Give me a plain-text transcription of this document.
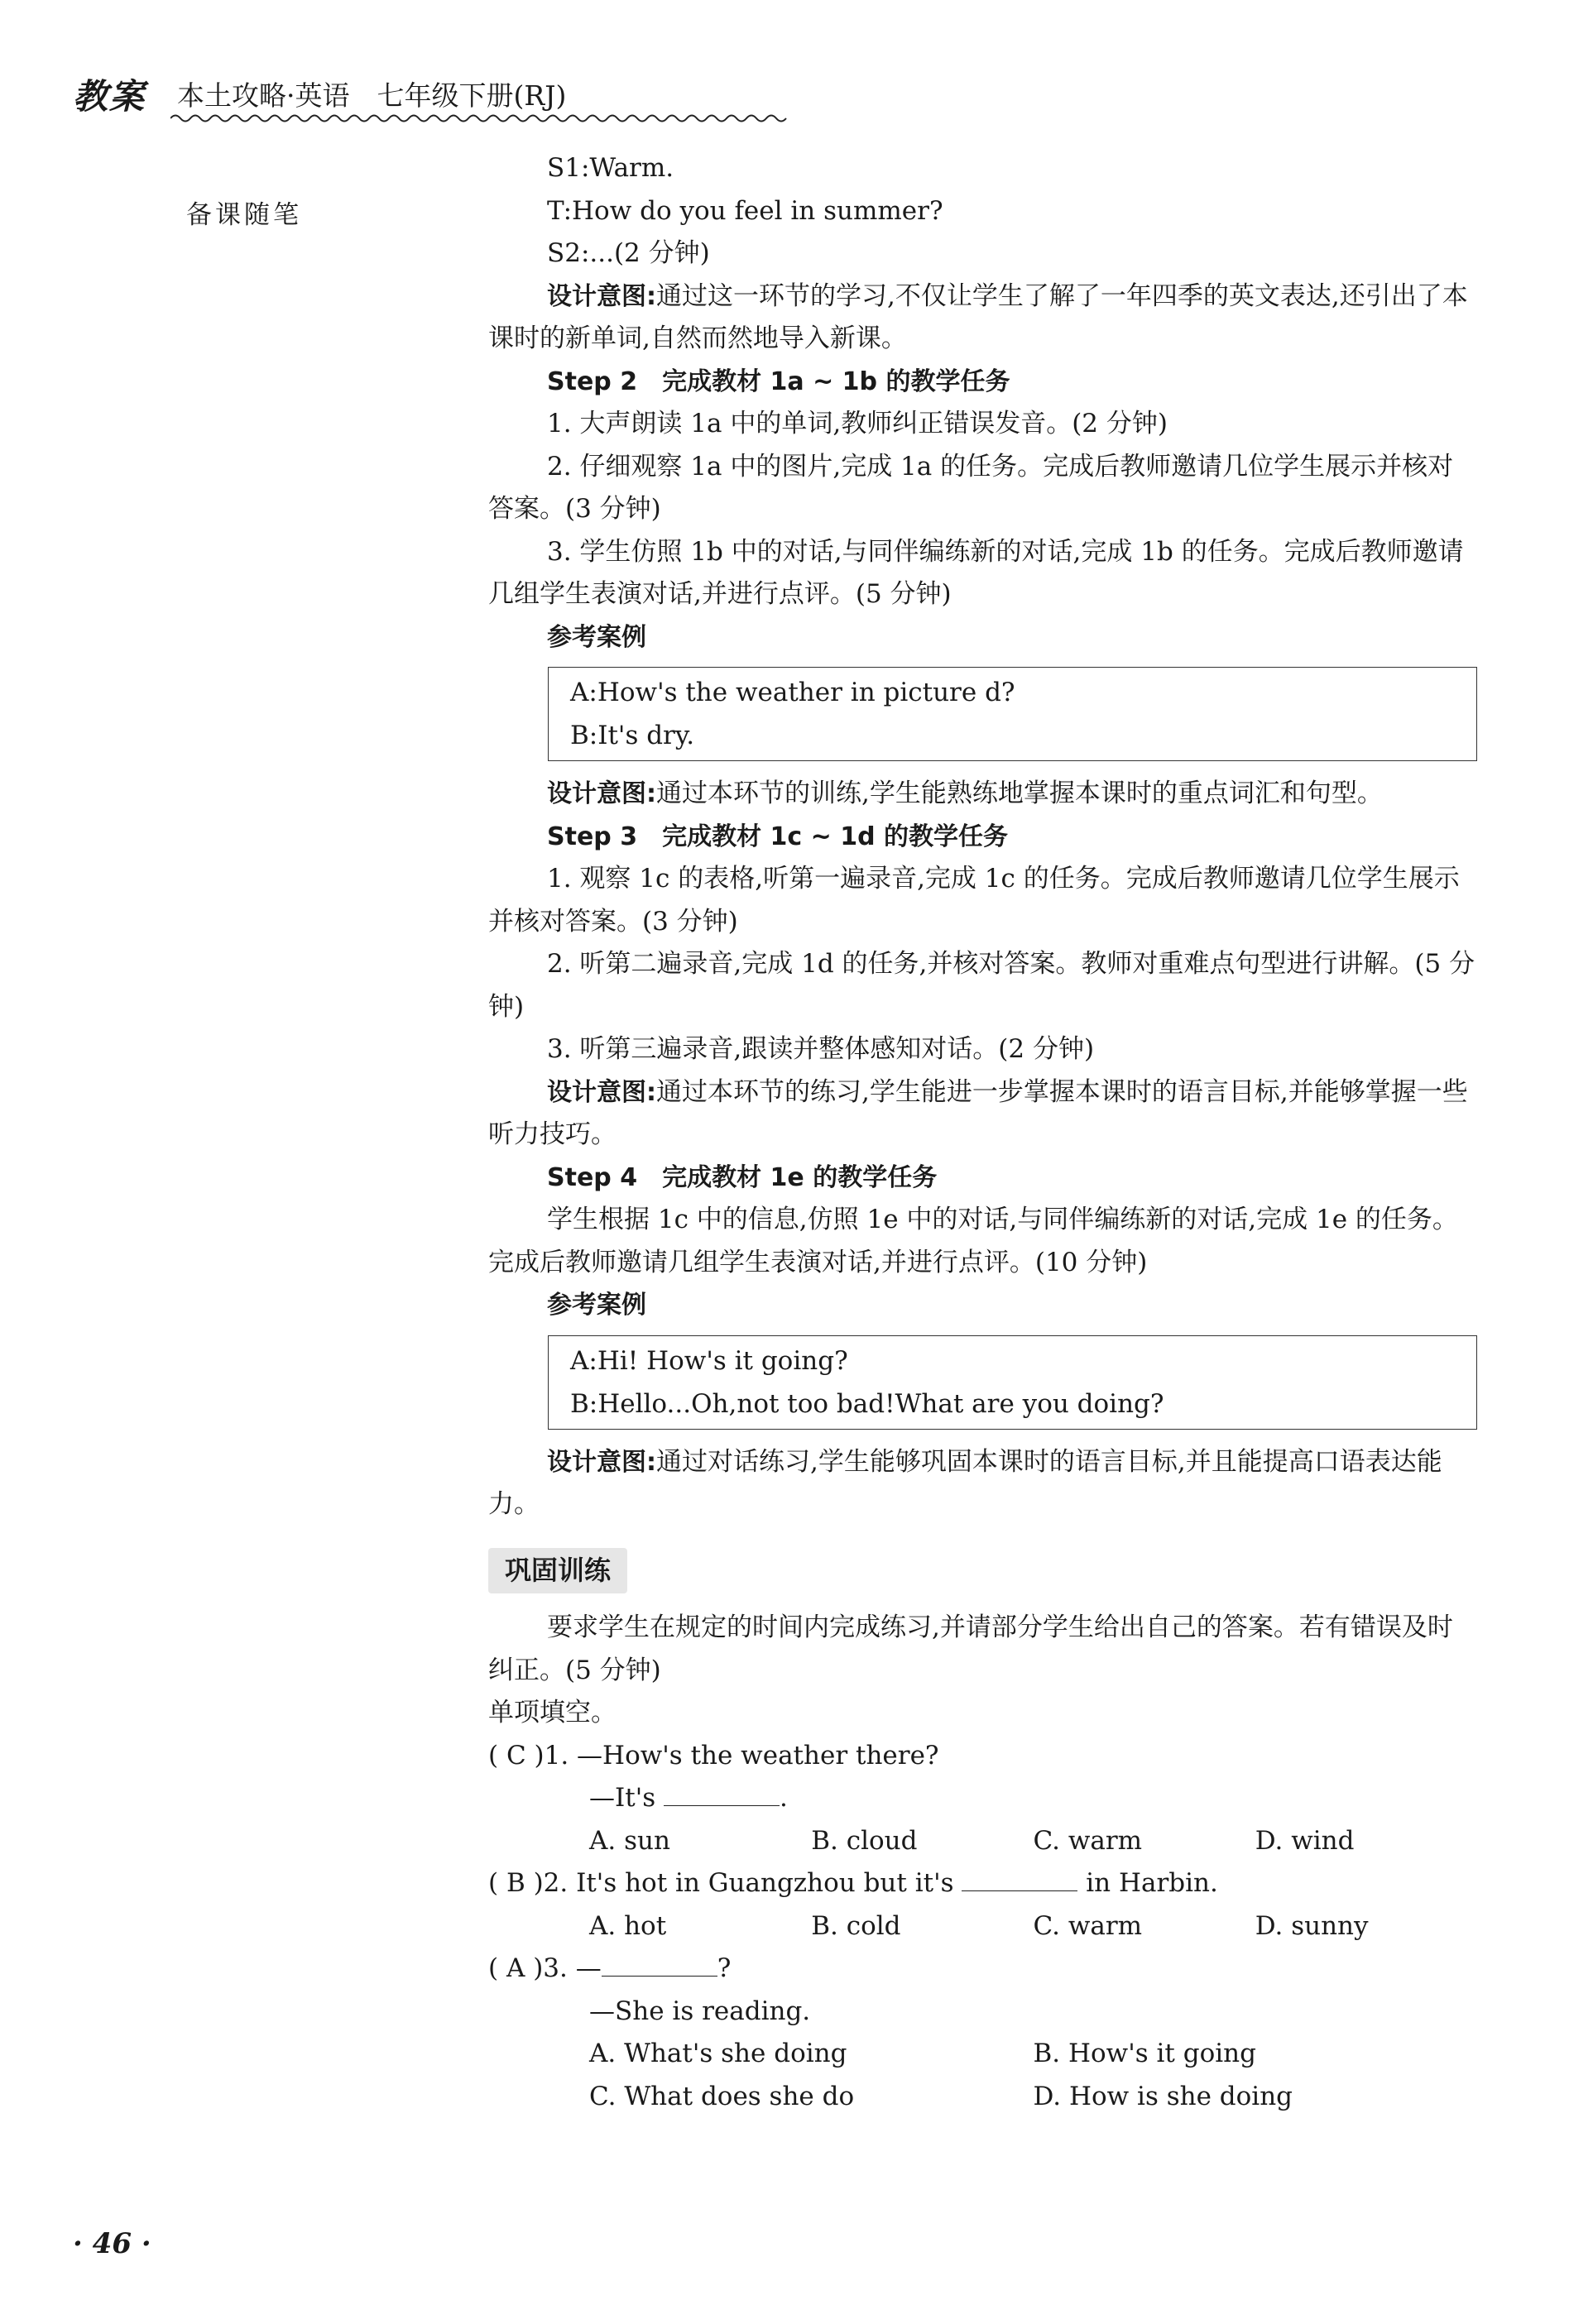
教案 本土攻略·英语　七年级下册(RJ)
备课随笔

S1:Warm.

T:How do you feel in summer?

S2:...(2 分钟)

设计意图:通过这一环节的学习,不仅让学生了解了一年四季的英文表达,还引出了本课时的新单词,自然而然地导入新课。

Step 2　完成教材 1a ~ 1b 的教学任务

1. 大声朗读 1a 中的单词,教师纠正错误发音。(2 分钟)

2. 仔细观察 1a 中的图片,完成 1a 的任务。完成后教师邀请几位学生展示并核对答案。(3 分钟)

3. 学生仿照 1b 中的对话,与同伴编练新的对话,完成 1b 的任务。完成后教师邀请几组学生表演对话,并进行点评。(5 分钟)

参考案例

A:How's the weather in picture d?
B:It's dry.

设计意图:通过本环节的训练,学生能熟练地掌握本课时的重点词汇和句型。

Step 3　完成教材 1c ~ 1d 的教学任务

1. 观察 1c 的表格,听第一遍录音,完成 1c 的任务。完成后教师邀请几位学生展示并核对答案。(3 分钟)

2. 听第二遍录音,完成 1d 的任务,并核对答案。教师对重难点句型进行讲解。(5 分钟)

3. 听第三遍录音,跟读并整体感知对话。(2 分钟)

设计意图:通过本环节的练习,学生能进一步掌握本课时的语言目标,并能够掌握一些听力技巧。

Step 4　完成教材 1e 的教学任务

学生根据 1c 中的信息,仿照 1e 中的对话,与同伴编练新的对话,完成 1e 的任务。完成后教师邀请几组学生表演对话,并进行点评。(10 分钟)

参考案例

A:Hi! How's it going?
B:Hello...Oh,not too bad!What are you doing?

设计意图:通过对话练习,学生能够巩固本课时的语言目标,并且能提高口语表达能力。

巩固训练

要求学生在规定的时间内完成练习,并请部分学生给出自己的答案。若有错误及时纠正。(5 分钟)

单项填空。

( C )1. —How's the weather there?

—It's	.

A. sun	B. cloud	C. warm	D. wind

( B )2. It's hot in Guangzhou but it's	in Harbin.

A. hot	B. cold	C. warm	D. sunny

( A )3. —	?

—She is reading.

A. What's she doing	B. How's it going
C. What does she do	D. How is she doing
· 46 ·
